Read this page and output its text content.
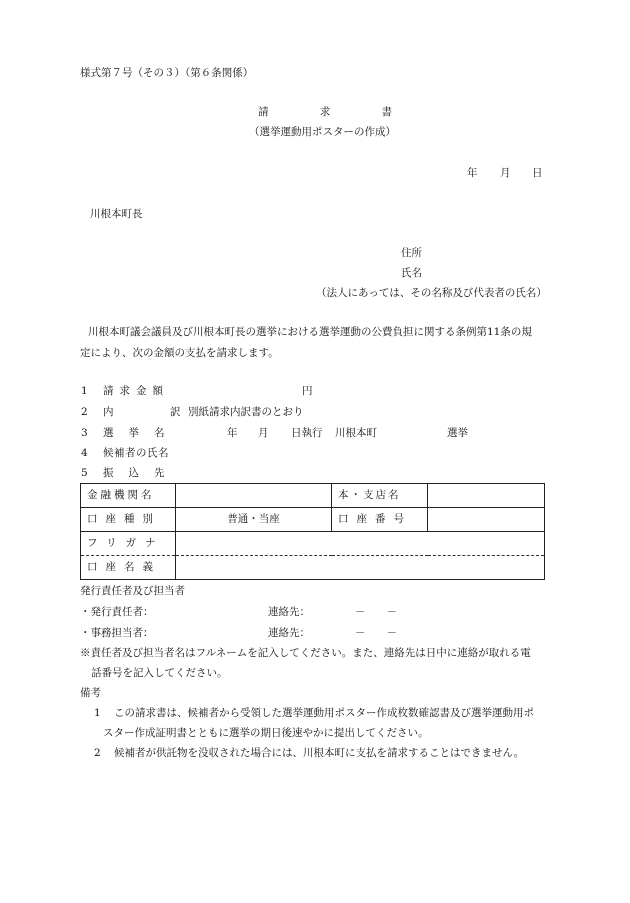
様式第７号（その３）（第６条関係）
請	求	書
（選挙運動用ポスターの作成）
年 月 日
川根本町長
住所
氏名
（法人にあっては、その名称及び代表者の氏名）
川根本町議会議員及び川根本町長の選挙における選挙運動の公費負担に関する条例第11条の規
定により、次の金額の支払を請求します。
1 請求金額	円
2 内	訳 別紙請求内訳書のとおり
3 選挙名	年 月 日執行 川根本町	選挙
4 候補者の氏名
5 振込先
金融機関名		本・支店名	
口座種別	普通・当座	口座番号	
フリガナ			
口座名義			
発行責任者及び担当者
・発行責任者：	連絡先：	－　　－
・事務担当者：	連絡先：	－　　－
※責任者及び担当者名はフルネームを記入してください。また、連絡先は日中に連絡が取れる電
話番号を記入してください。
備考
1 この請求書は、候補者から受領した選挙運動用ポスター作成枚数確認書及び選挙運動用ポ
スター作成証明書とともに選挙の期日後速やかに提出してください。
2 候補者が供託物を没収された場合には、川根本町に支払を請求することはできません。
